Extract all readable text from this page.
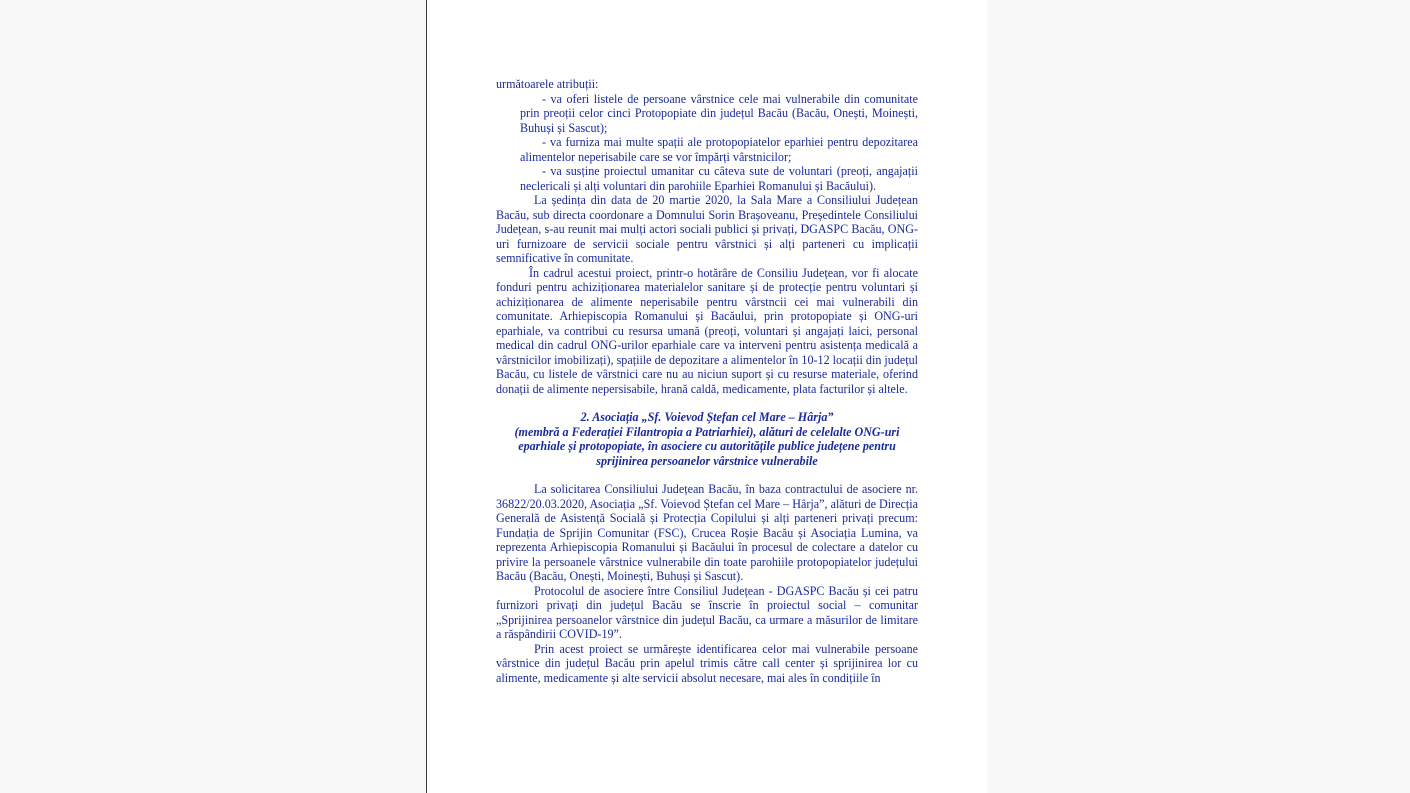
următoarele atribuții:

- va oferi listele de persoane vârstnice cele mai vulnerabile din comunitate prin preoții celor cinci Protopopiate din județul Bacău (Bacău, Onești, Moinești, Buhuși și Sascut);

- va furniza mai multe spații ale protopopiatelor eparhiei pentru depozitarea alimentelor neperisabile care se vor împărți vârstnicilor;

- va susține proiectul umanitar cu câteva sute de voluntari (preoți, angajații neclericali și alți voluntari din parohiile Eparhiei Romanului și Bacăului).

La ședința din data de 20 martie 2020, la Sala Mare a Consiliului Județean Bacău, sub directa coordonare a Domnului Sorin Brașoveanu, Președintele Consiliului Județean, s-au reunit mai mulți actori sociali publici și privați, DGASPC Bacău, ONG-uri furnizoare de servicii sociale pentru vârstnici și alți parteneri cu implicații semnificative în comunitate.

În cadrul acestui proiect, printr-o hotărâre de Consiliu Județean, vor fi alocate fonduri pentru achiziționarea materialelor sanitare și de protecție pentru voluntari și achiziționarea de alimente neperisabile pentru vârstncii cei mai vulnerabili din comunitate. Arhiepiscopia Romanului și Bacăului, prin protopopiate și ONG-uri eparhiale, va contribui cu resursa umană (preoți, voluntari și angajați laici, personal medical din cadrul ONG-urilor eparhiale care va interveni pentru asistența medicală a vârstnicilor imobilizați), spațiile de depozitare a alimentelor în 10-12 locații din județul Bacău, cu listele de vârstnici care nu au niciun suport și cu resurse materiale, oferind donații de alimente nepersisabile, hrană caldă, medicamente, plata facturilor și altele.

2. Asociația „Sf. Voievod Ștefan cel Mare – Hârja”
(membră a Federației Filantropia a Patriarhiei), alături de celelalte ONG-uri eparhiale și protopopiate, în asociere cu autoritățile publice județene pentru sprijinirea persoanelor vârstnice vulnerabile

La solicitarea Consiliului Județean Bacău, în baza contractului de asociere nr. 36822/20.03.2020, Asociația „Sf. Voievod Ștefan cel Mare – Hârja”, alături de Direcția Generală de Asistență Socială și Protecția Copilului și alți parteneri privați precum: Fundația de Sprijin Comunitar (FSC), Crucea Roșie Bacău și Asociația Lumina, va reprezenta Arhiepiscopia Romanului și Bacăului în procesul de colectare a datelor cu privire la persoanele vârstnice vulnerabile din toate parohiile protopopiatelor județului Bacău (Bacău, Onești, Moinești, Buhuși și Sascut).

Protocolul de asociere între Consiliul Județean - DGASPC Bacău și cei patru furnizori privați din județul Bacău se înscrie în proiectul social – comunitar „Sprijinirea persoanelor vârstnice din județul Bacău, ca urmare a măsurilor de limitare a răspândirii COVID-19”.

Prin acest proiect se urmărește identificarea celor mai vulnerabile persoane vârstnice din județul Bacău prin apelul trimis către call center și sprijinirea lor cu alimente, medicamente și alte servicii absolut necesare, mai ales în condițiile în
